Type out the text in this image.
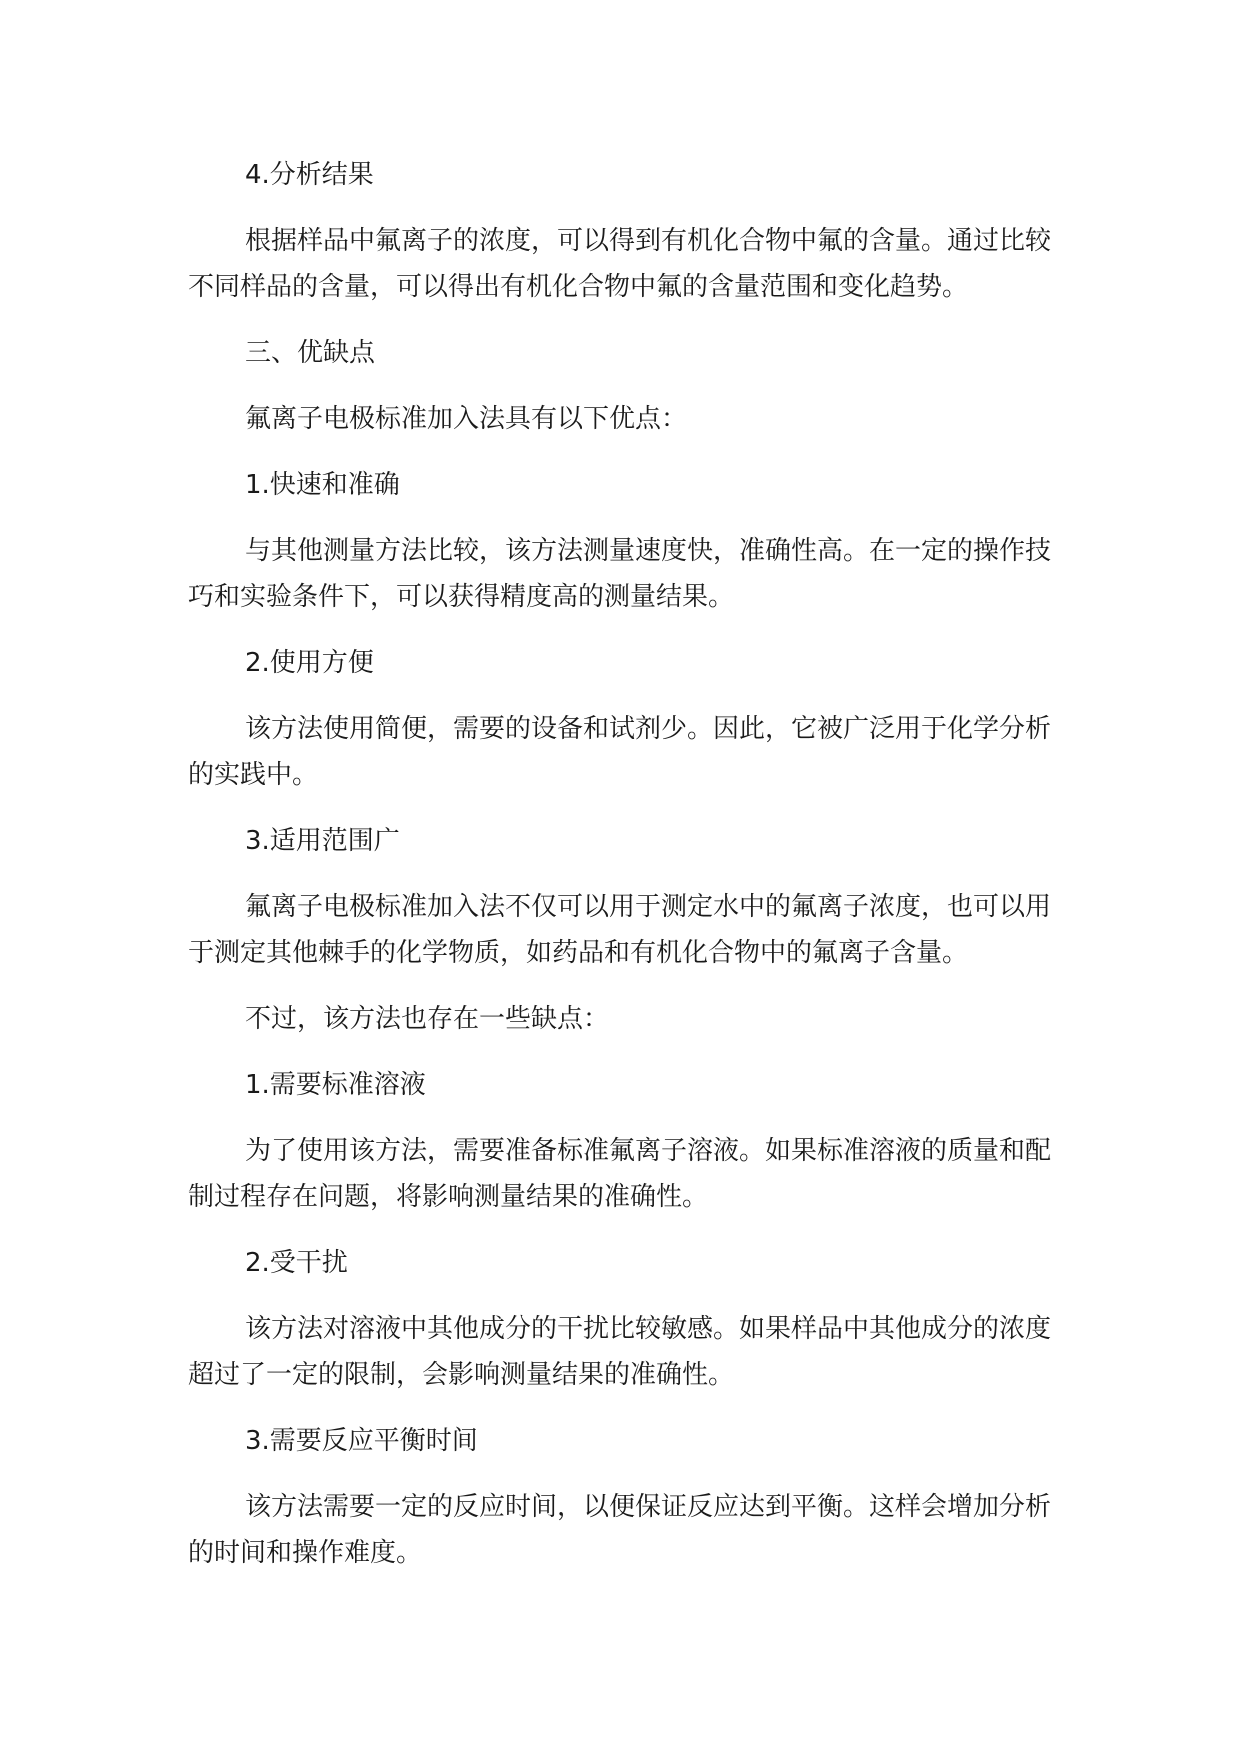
4.分析结果

根据样品中氟离子的浓度，可以得到有机化合物中氟的含量。通过比较不同样品的含量，可以得出有机化合物中氟的含量范围和变化趋势。

三、优缺点

氟离子电极标准加入法具有以下优点：

1.快速和准确

与其他测量方法比较，该方法测量速度快，准确性高。在一定的操作技巧和实验条件下，可以获得精度高的测量结果。

2.使用方便

该方法使用简便，需要的设备和试剂少。因此，它被广泛用于化学分析的实践中。

3.适用范围广

氟离子电极标准加入法不仅可以用于测定水中的氟离子浓度，也可以用于测定其他棘手的化学物质，如药品和有机化合物中的氟离子含量。

不过，该方法也存在一些缺点：

1.需要标准溶液

为了使用该方法，需要准备标准氟离子溶液。如果标准溶液的质量和配制过程存在问题，将影响测量结果的准确性。

2.受干扰

该方法对溶液中其他成分的干扰比较敏感。如果样品中其他成分的浓度超过了一定的限制，会影响测量结果的准确性。

3.需要反应平衡时间

该方法需要一定的反应时间，以便保证反应达到平衡。这样会增加分析的时间和操作难度。
